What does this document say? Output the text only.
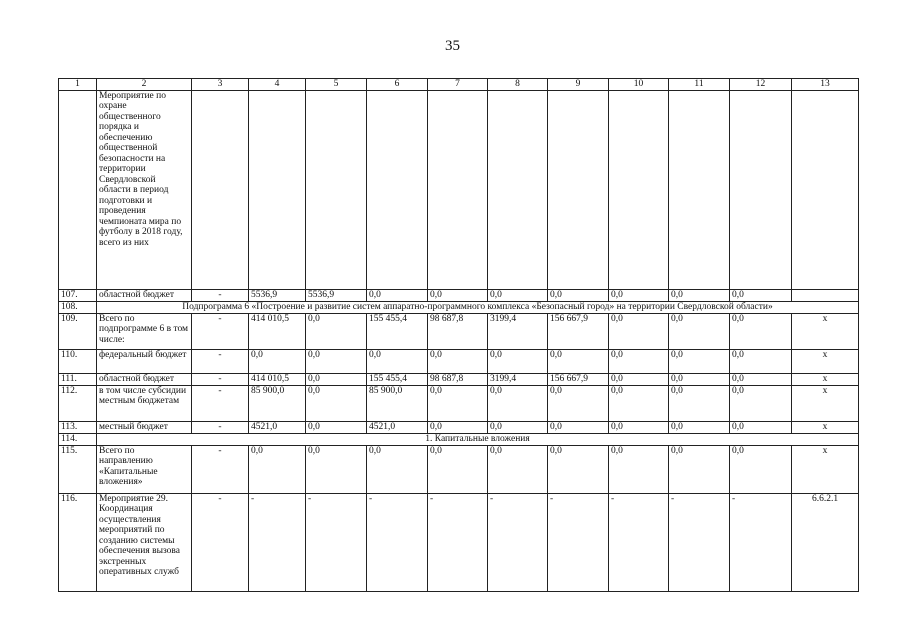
35
1	2	3	4	5	6	7	8	9	10	11	12	13
	Мероприятие по охране общественного порядка и обеспечению общественной безопасности на территории Свердловской области в период подготовки и проведения чемпионата мира по футболу в 2018 году, всего из них											
107.	областной бюджет	-	5536,9	5536,9	0,0	0,0	0,0	0,0	0,0	0,0	0,0	
108.	Подпрограмма 6 «Построение и развитие систем аппаратно-программного комплекса «Безопасный город» на территории Свердловской области»											
109.	Всего по подпрограмме 6 в том числе:	-	414 010,5	0,0	155 455,4	98 687,8	3199,4	156 667,9	0,0	0,0	0,0	x
110.	федеральный бюджет	-	0,0	0,0	0,0	0,0	0,0	0,0	0,0	0,0	0,0	x
111.	областной бюджет	-	414 010,5	0,0	155 455,4	98 687,8	3199,4	156 667,9	0,0	0,0	0,0	x
112.	в том числе субсидии местным бюджетам	-	85 900,0	0,0	85 900,0	0,0	0,0	0,0	0,0	0,0	0,0	x
113.	местный бюджет	-	4521,0	0,0	4521,0	0,0	0,0	0,0	0,0	0,0	0,0	x
114.	1. Капитальные вложения											
115.	Всего по направлению «Капитальные вложения»	-	0,0	0,0	0,0	0,0	0,0	0,0	0,0	0,0	0,0	x
116.	Мероприятие 29. Координация осуществления мероприятий по созданию системы обеспечения вызова экстренных оперативных служб	-	-	-	-	-	-	-	-	-	-	6.6.2.1
